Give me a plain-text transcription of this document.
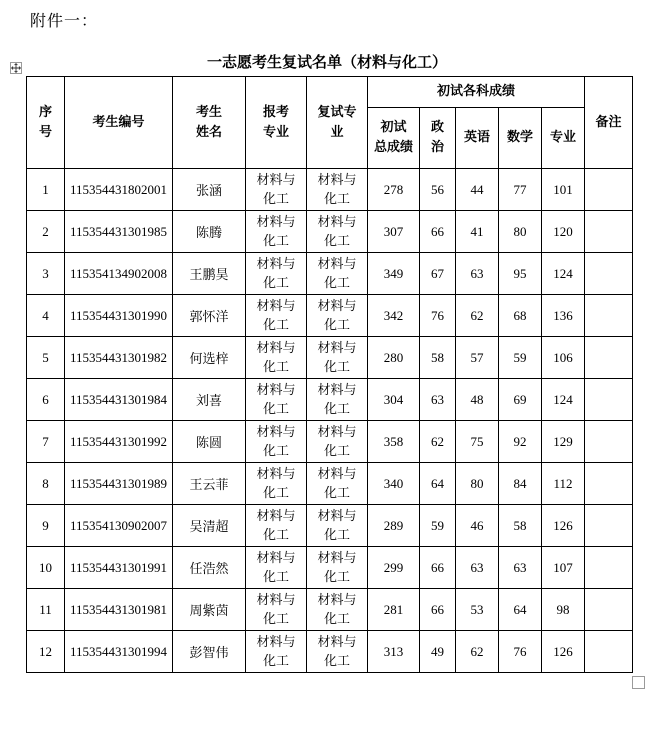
附件一：
一志愿考生复试名单（材料与化工）
序
号	考生编号	考生
姓名	报考
专业	复试专
业	初试各科成绩					备注
					初试
总成绩	政
治	英语	数学	专业	
1	115354431802001	张涵	材料与
化工	材料与
化工	278	56	44	77	101	
2	115354431301985	陈腾	材料与
化工	材料与
化工	307	66	41	80	120	
3	115354134902008	王鹏昊	材料与
化工	材料与
化工	349	67	63	95	124	
4	115354431301990	郭怀洋	材料与
化工	材料与
化工	342	76	62	68	136	
5	115354431301982	何选梓	材料与
化工	材料与
化工	280	58	57	59	106	
6	115354431301984	刘喜	材料与
化工	材料与
化工	304	63	48	69	124	
7	115354431301992	陈圆	材料与
化工	材料与
化工	358	62	75	92	129	
8	115354431301989	王云菲	材料与
化工	材料与
化工	340	64	80	84	112	
9	115354130902007	吴清超	材料与
化工	材料与
化工	289	59	46	58	126	
10	115354431301991	任浩然	材料与
化工	材料与
化工	299	66	63	63	107	
11	115354431301981	周紫茵	材料与
化工	材料与
化工	281	66	53	64	98	
12	115354431301994	彭智伟	材料与
化工	材料与
化工	313	49	62	76	126	
